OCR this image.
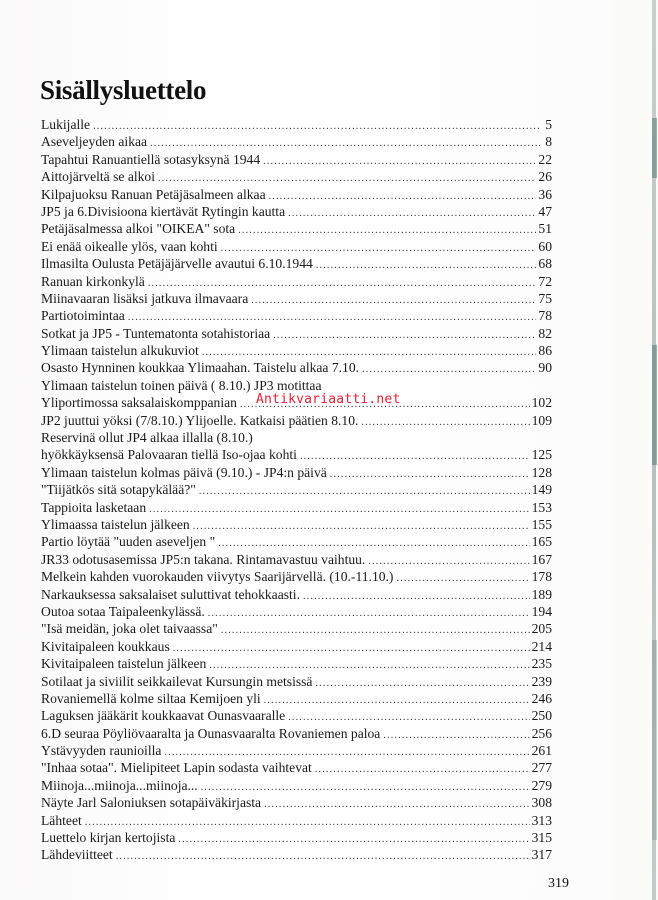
Sisällysluettelo
Lukijalle .....	5
Aseveljeyden aikaa .....	8
Tapahtui Ranuantiellä sotasyksynä 1944 .....	22
Aittojärveltä se alkoi .....	26
Kilpajuoksu Ranuan Petäjäsalmeen alkaa .....	36
JP5 ja 6.Divisioona kiertävät Rytingin kautta .....	47
Petäjäsalmessa alkoi "OIKEA" sota .....	51
Ei enää oikealle ylös, vaan kohti .....	60
Ilmasilta Oulusta Petäjäjärvelle avautui 6.10.1944 .....	68
Ranuan kirkonkylä .....	72
Miinavaaran lisäksi jatkuva ilmavaara .....	75
Partiotoimintaa .....	78
Sotkat ja JP5 - Tuntematonta sotahistoriaa .....	82
Ylimaan taistelun alkukuviot .....	86
Osasto Hynninen koukkaa Ylimaahan. Taistelu alkaa 7.10. .....	90
Ylimaan taistelun toinen päivä ( 8.10.) JP3 motittaa
Yliportimossa saksalaiskomppanian .....	102
JP2 juuttui yöksi (7/8.10.) Ylijoelle. Katkaisi päätien 8.10. .....	109
Reservinä ollut JP4 alkaa illalla (8.10.)
hyökkäyksensä Palovaaran tiellä Iso-ojaa kohti .....	125
Ylimaan taistelun kolmas päivä (9.10.) - JP4:n päivä .....	128
"Tiijätkös sitä sotapykälää?" .....	149
Tappioita lasketaan .....	153
Ylimaassa taistelun jälkeen .....	155
Partio löytää "uuden aseveljen " .....	165
JR33 odotusasemissa JP5:n takana. Rintamavastuu vaihtuu. .....	167
Melkein kahden vuorokauden viivytys Saarijärvellä. (10.-11.10.) .....	178
Narkauksessa saksalaiset suluttivat tehokkaasti. .....	189
Outoa sotaa Taipaleenkylässä. .....	194
"Isä meidän, joka olet taivaassa" .....	205
Kivitaipaleen koukkaus .....	214
Kivitaipaleen taistelun jälkeen .....	235
Sotilaat ja siviilit seikkailevat Kursungin metsissä .....	239
Rovaniemellä kolme siltaa Kemijoen yli .....	246
Laguksen jääkärit koukkaavat Ounasvaaralle .....	250
6.D seuraa Pöyliövaaralta ja Ounasvaaralta Rovaniemen paloa .....	256
Ystävyyden raunioilla .....	261
"Inhaa sotaa". Mielipiteet Lapin sodasta vaihtevat .....	277
Miinoja...miinoja...miinoja... .....	279
Näyte Jarl Saloniuksen sotapäiväkirjasta .....	308
Lähteet .....	313
Luettelo kirjan kertojista .....	315
Lähdeviitteet .....	317
Antikvariaatti.net
319
